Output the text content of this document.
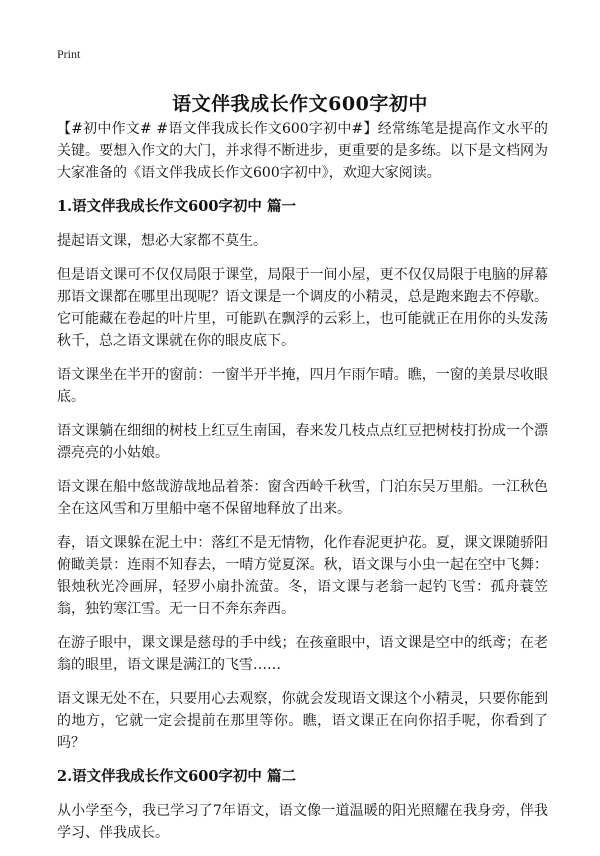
Print
语文伴我成长作文600字初中

【#初中作文# #语文伴我成长作文600字初中#】经常练笔是提高作文水平的关键。要想入作文的大门，并求得不断进步，更重要的是多练。以下是文档网为大家准备的《语文伴我成长作文600字初中》，欢迎大家阅读。

1.语文伴我成长作文600字初中 篇一

提起语文课，想必大家都不莫生。

但是语文课可不仅仅局限于课堂，局限于一间小屋，更不仅仅局限于电脑的屏幕那语文课都在哪里出现呢？语文课是一个调皮的小精灵，总是跑来跑去不停歇。它可能藏在卷起的叶片里，可能趴在飘浮的云彩上，也可能就正在用你的头发荡秋千，总之语文课就在你的眼皮底下。

语文课坐在半开的窗前：一窗半开半掩，四月乍雨乍晴。瞧，一窗的美景尽收眼底。

语文课躺在细细的树枝上红豆生南国，春来发几枝点点红豆把树枝打扮成一个漂漂亮亮的小姑娘。

语文课在船中悠哉游哉地品着茶：窗含西岭千秋雪，门泊东吴万里船。一江秋色全在这风雪和万里船中毫不保留地释放了出来。

春，语文课躲在泥土中：落红不是无情物，化作春泥更护花。夏，课文课随骄阳俯瞰美景：连雨不知春去，一晴方觉夏深。秋，语文课与小虫一起在空中飞舞：银烛秋光冷画屏，轻罗小扇扑流萤。冬，语文课与老翁一起钓飞雪：孤舟蓑笠翁，独钓寒江雪。无一日不奔东奔西。

在游子眼中，课文课是慈母的手中线；在孩童眼中，语文课是空中的纸鸢；在老翁的眼里，语文课是满江的飞雪……

语文课无处不在，只要用心去观察，你就会发现语文课这个小精灵，只要你能到的地方，它就一定会提前在那里等你。瞧，语文课正在向你招手呢，你看到了吗？

2.语文伴我成长作文600字初中 篇二

从小学至今，我已学习了7年语文，语文像一道温暖的阳光照耀在我身旁，伴我学习、伴我成长。
